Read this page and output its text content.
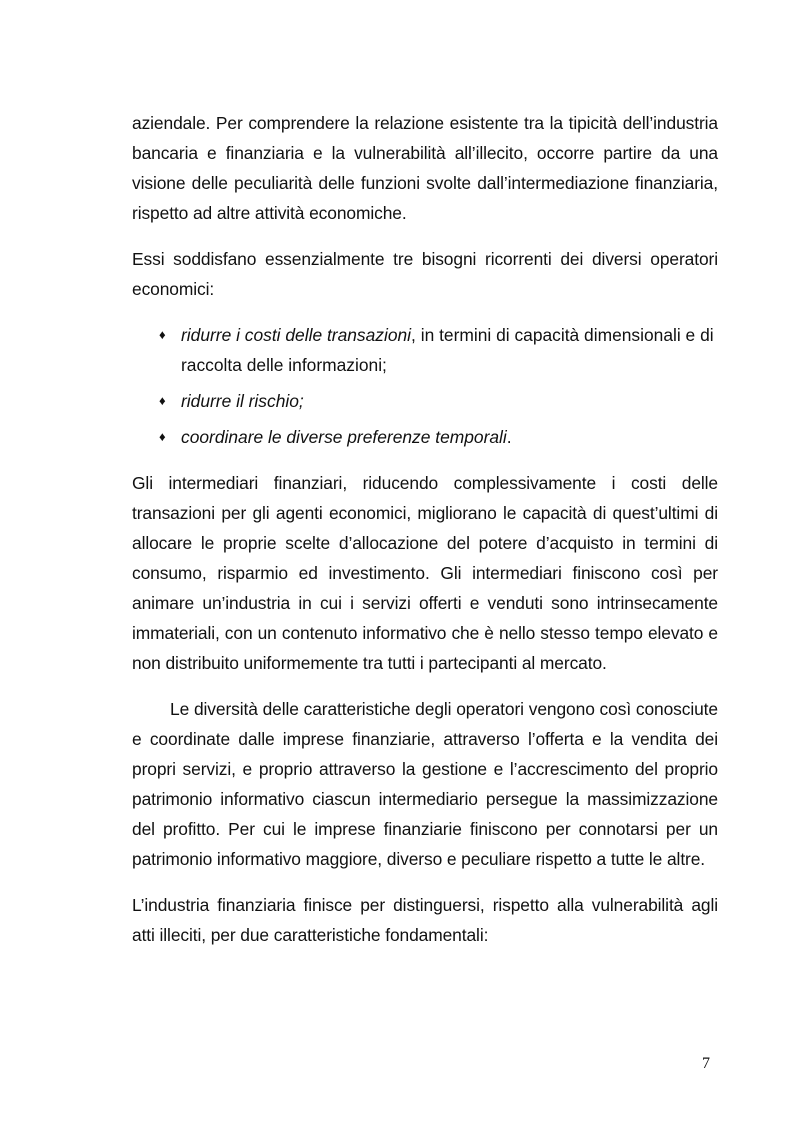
aziendale. Per comprendere la relazione esistente tra la tipicità dell’industria bancaria e finanziaria e la vulnerabilità all’illecito, occorre partire da una visione delle peculiarità delle funzioni svolte dall’intermediazione finanziaria, rispetto ad altre attività economiche.

Essi soddisfano essenzialmente tre bisogni ricorrenti dei diversi operatori economici:

♦ ridurre i costi delle transazioni, in termini di capacità dimensionali e di raccolta delle informazioni;
♦ ridurre il rischio;
♦ coordinare le diverse preferenze temporali.

Gli intermediari finanziari, riducendo complessivamente i costi delle transazioni per gli agenti economici, migliorano le capacità di quest’ultimi di allocare le proprie scelte d’allocazione del potere d’acquisto in termini di consumo, risparmio ed investimento. Gli intermediari finiscono così per animare un’industria in cui i servizi offerti e venduti sono intrinsecamente immateriali, con un contenuto informativo che è nello stesso tempo elevato e non distribuito uniformemente tra tutti i partecipanti al mercato.

Le diversità delle caratteristiche degli operatori vengono così conosciute e coordinate dalle imprese finanziarie, attraverso l’offerta e la vendita dei propri servizi, e proprio attraverso la gestione e l’accrescimento del proprio patrimonio informativo ciascun intermediario persegue la massimizzazione del profitto. Per cui le imprese finanziarie finiscono per connotarsi per un patrimonio informativo maggiore, diverso e peculiare rispetto a tutte le altre.

L’industria finanziaria finisce per distinguersi, rispetto alla vulnerabilità agli atti illeciti, per due caratteristiche fondamentali:

7
